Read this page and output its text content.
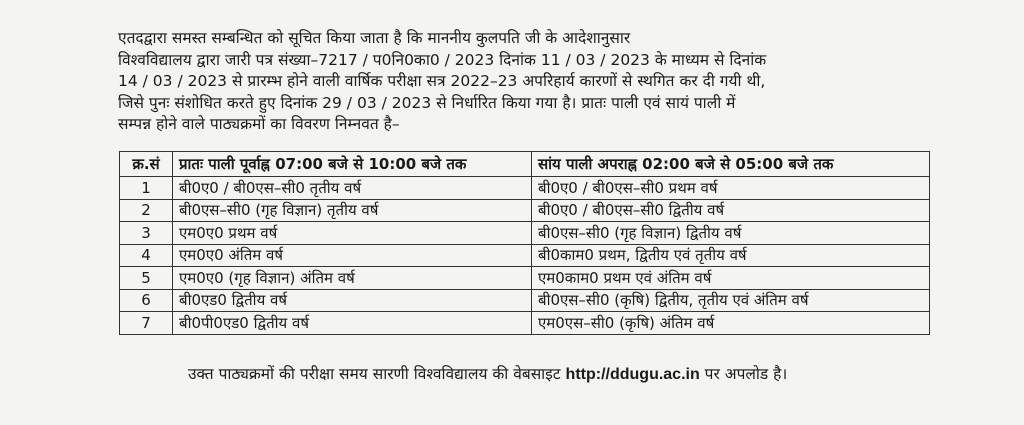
एतदद्वारा समस्त सम्बन्धित को सूचित किया जाता है कि माननीय कुलपति जी के आदेशानुसार
विश्वविद्यालय द्वारा जारी पत्र संख्या–7217 / प0नि0का0 / 2023 दिनांक 11 / 03 / 2023 के माध्यम से दिनांक
14 / 03 / 2023 से प्रारम्भ होने वाली वार्षिक परीक्षा सत्र 2022–23 अपरिहार्य कारणों से स्थगित कर दी गयी थी,
जिसे पुनः संशोधित करते हुए दिनांक 29 / 03 / 2023 से निर्धारित किया गया है। प्रातः पाली एवं सायं पाली में
सम्पन्न होने वाले पाठ्यक्रमों का विवरण निम्नवत है–

क्र.सं	प्रातः पाली पूर्वाह्न 07:00 बजे से 10:00 बजे तक	सांय पाली अपराह्न 02:00 बजे से 05:00 बजे तक
1	बी0ए0 / बी0एस–सी0 तृतीय वर्ष	बी0ए0 / बी0एस–सी0 प्रथम वर्ष
2	बी0एस–सी0 (गृह विज्ञान) तृतीय वर्ष	बी0ए0 / बी0एस–सी0 द्वितीय वर्ष
3	एम0ए0 प्रथम वर्ष	बी0एस–सी0 (गृह विज्ञान) द्वितीय वर्ष
4	एम0ए0 अंतिम वर्ष	बी0काम0 प्रथम, द्वितीय एवं तृतीय वर्ष
5	एम0ए0 (गृह विज्ञान) अंतिम वर्ष	एम0काम0 प्रथम एवं अंतिम वर्ष
6	बी0एड0 द्वितीय वर्ष	बी0एस–सी0 (कृषि) द्वितीय, तृतीय एवं अंतिम वर्ष
7	बी0पी0एड0 द्वितीय वर्ष	एम0एस–सी0 (कृषि) अंतिम वर्ष

उक्त पाठ्यक्रमों की परीक्षा समय सारणी विश्वविद्यालय की वेबसाइट http://ddugu.ac.in पर अपलोड है।
